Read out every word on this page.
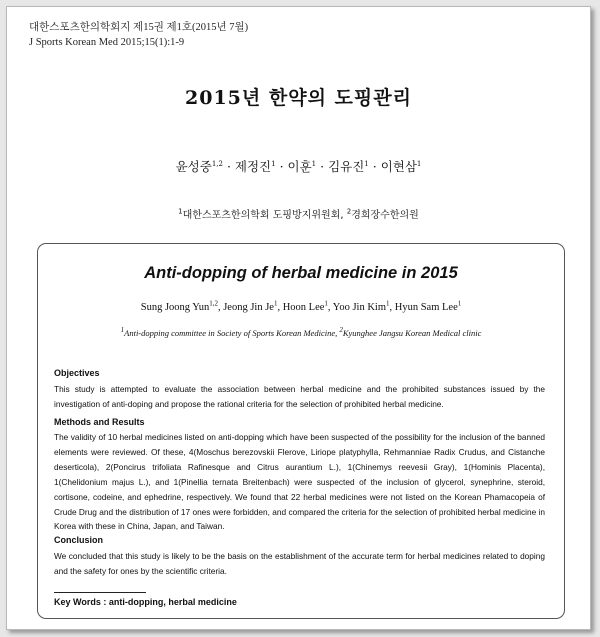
대한스포츠한의학회지 제15권 제1호(2015년 7월)
J Sports Korean Med 2015;15(1):1-9
2015년 한약의 도핑관리
윤성중$^{1,2}$ · 제정진$^1$ · 이훈$^1$ · 김유진$^1$ · 이현삼$^1$
$^1$대한스포츠한의학회 도핑방지위원회, $^2$경희장수한의원
Anti-dopping of herbal medicine in 2015
Sung Joong Yun$^{1,2}$, Jeong Jin Je$^1$, Hoon Lee$^1$, Yoo Jin Kim$^1$, Hyun Sam Lee$^1$
$^1$Anti-dopping committee in Society of Sports Korean Medicine, $^2$Kyunghee Jangsu Korean Medical clinic
Objectives
This study is attempted to evaluate the association between herbal medicine and the prohibited substances issued by the investigation of anti-doping and propose the rational criteria for the selection of prohibited herbal medicine.
Methods and Results
The validity of 10 herbal medicines listed on anti-dopping which have been suspected of the possibility for the inclusion of the banned elements were reviewed. Of these, 4(Moschus berezovskii Flerove, Liriope platyphylla, Rehmanniae Radix Crudus, and Cistanche deserticola), 2(Poncirus trifoliata Rafinesque and Citrus aurantium L.), 1(Chinemys reevesii Gray), 1(Hominis Placenta), 1(Chelidonium majus L.), and 1(Pinellia ternata Breitenbach) were suspected of the inclusion of glycerol, synephrine, steroid, cortisone, codeine, and ephedrine, respectively. We found that 22 herbal medicines were not listed on the Korean Phamacopeia of Crude Drug and the distribution of 17 ones were forbidden, and compared the criteria for the selection of prohibited herbal medicine in Korea with these in China, Japan, and Taiwan.
Conclusion
We concluded that this study is likely to be the basis on the establishment of the accurate term for herbal medicines related to doping and the safety for ones by the scientific criteria.
Key Words : anti-dopping, herbal medicine
